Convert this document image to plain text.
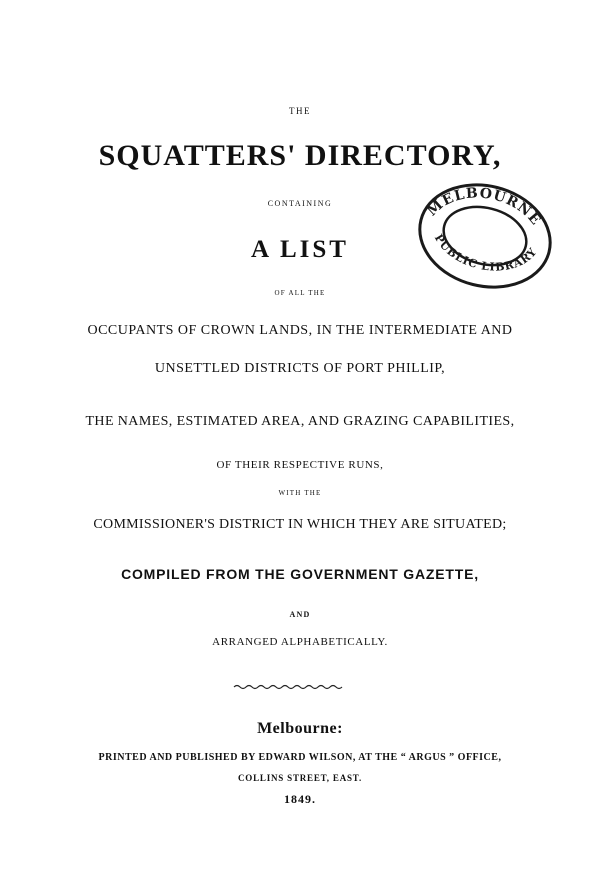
THE
SQUATTERS' DIRECTORY,
CONTAINING
A LIST
OF ALL THE
OCCUPANTS OF CROWN LANDS, IN THE INTERMEDIATE AND
UNSETTLED DISTRICTS OF PORT PHILLIP,
THE NAMES, ESTIMATED AREA, AND GRAZING CAPABILITIES,
OF THEIR RESPECTIVE RUNS,
WITH THE
COMMISSIONER'S DISTRICT IN WHICH THEY ARE SITUATED;
COMPILED FROM THE GOVERNMENT GAZETTE,
AND
ARRANGED ALPHABETICALLY.
Melbourne:
PRINTED AND PUBLISHED BY EDWARD WILSON, AT THE “ ARGUS ” OFFICE,
COLLINS STREET, EAST.
1849.
MELBOURNE
PUBLIC LIBRARY
